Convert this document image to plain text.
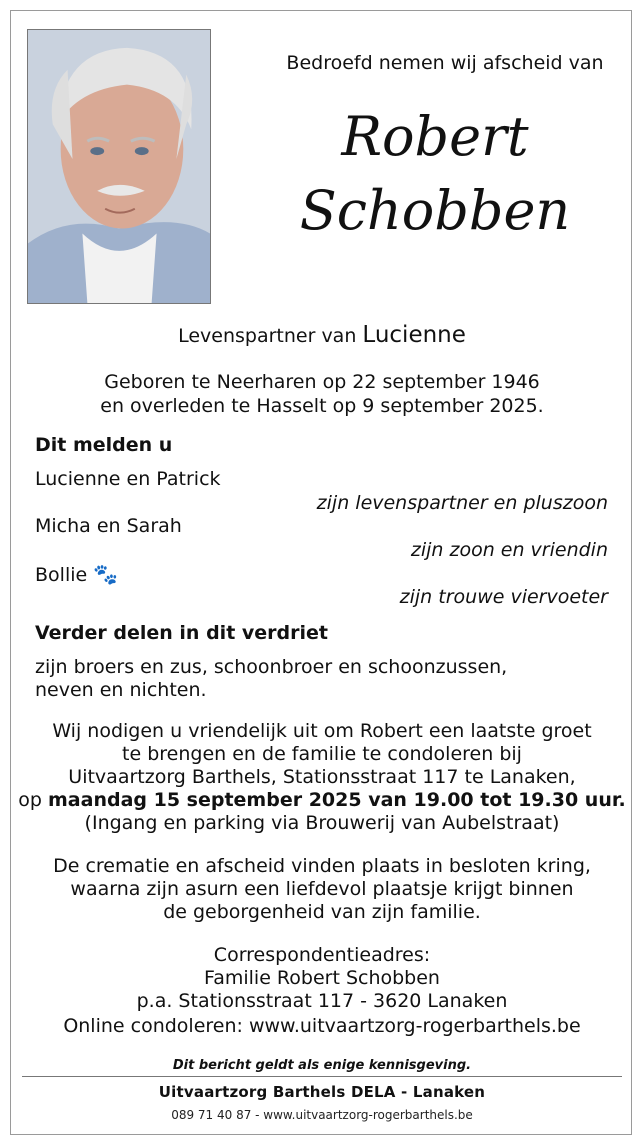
Bedroefd nemen wij afscheid van
Robert
Schobben
Levenspartner van Lucienne
Geboren te Neerharen op 22 september 1946
en overleden te Hasselt op 9 september 2025.
Dit melden u
Lucienne en Patrick
zijn levenspartner en pluszoon
Micha en Sarah
zijn zoon en vriendin
Bollie 🐾
zijn trouwe viervoeter
Verder delen in dit verdriet
zijn broers en zus, schoonbroer en schoonzussen,
neven en nichten.
Wij nodigen u vriendelijk uit om Robert een laatste groet
te brengen en de familie te condoleren bij
Uitvaartzorg Barthels, Stationsstraat 117 te Lanaken,
op maandag 15 september 2025 van 19.00 tot 19.30 uur.
(Ingang en parking via Brouwerij van Aubelstraat)
De crematie en afscheid vinden plaats in besloten kring,
waarna zijn asurn een liefdevol plaatsje krijgt binnen
de geborgenheid van zijn familie.
Correspondentieadres:
Familie Robert Schobben
p.a. Stationsstraat 117 - 3620 Lanaken
Online condoleren: www.uitvaartzorg-rogerbarthels.be
Dit bericht geldt als enige kennisgeving.
Uitvaartzorg Barthels DELA - Lanaken
089 71 40 87 - www.uitvaartzorg-rogerbarthels.be
